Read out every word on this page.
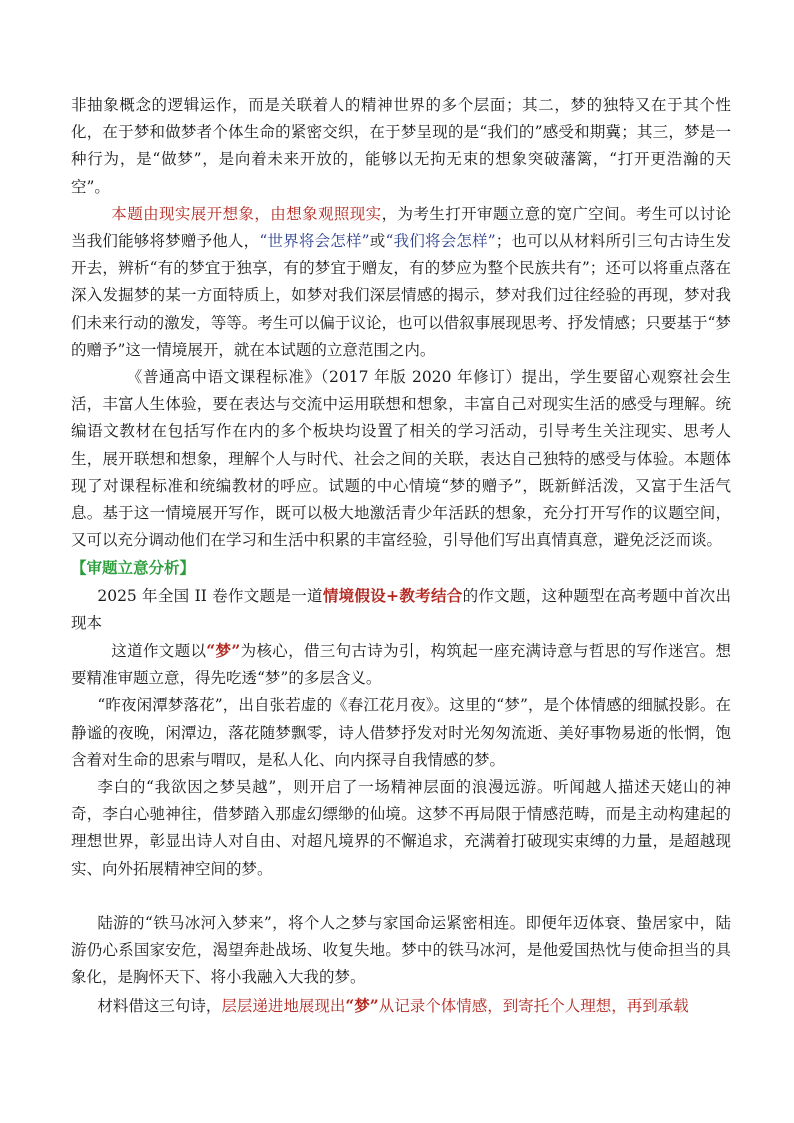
非抽象概念的逻辑运作，而是关联着人的精神世界的多个层面；其二，梦的独特又在于其个性化，在于梦和做梦者个体生命的紧密交织，在于梦呈现的是“我们的”感受和期冀；其三，梦是一种行为，是“做梦”，是向着未来开放的，能够以无拘无束的想象突破藩篱，“打开更浩瀚的天空”。

本题由现实展开想象，由想象观照现实，为考生打开审题立意的宽广空间。考生可以讨论当我们能够将梦赠予他人，“世界将会怎样”或“我们将会怎样”；也可以从材料所引三句古诗生发开去，辨析“有的梦宜于独享，有的梦宜于赠友，有的梦应为整个民族共有”；还可以将重点落在深入发掘梦的某一方面特质上，如梦对我们深层情感的揭示，梦对我们过往经验的再现，梦对我们未来行动的激发，等等。考生可以偏于议论，也可以借叙事展现思考、抒发情感；只要基于“梦的赠予”这一情境展开，就在本试题的立意范围之内。

《普通高中语文课程标准》（2017 年版 2020 年修订）提出，学生要留心观察社会生活，丰富人生体验，要在表达与交流中运用联想和想象，丰富自己对现实生活的感受与理解。统编语文教材在包括写作在内的多个板块均设置了相关的学习活动，引导考生关注现实、思考人生，展开联想和想象，理解个人与时代、社会之间的关联，表达自己独特的感受与体验。本题体现了对课程标准和统编教材的呼应。试题的中心情境“梦的赠予”，既新鲜活泼，又富于生活气息。基于这一情境展开写作，既可以极大地激活青少年活跃的想象，充分打开写作的议题空间，又可以充分调动他们在学习和生活中积累的丰富经验，引导他们写出真情真意，避免泛泛而谈。

【审题立意分析】

2025 年全国 II 卷作文题是一道情境假设+教考结合的作文题，这种题型在高考题中首次出现本

这道作文题以“梦”为核心，借三句古诗为引，构筑起一座充满诗意与哲思的写作迷宫。想要精准审题立意，得先吃透“梦”的多层含义。

“昨夜闲潭梦落花”，出自张若虚的《春江花月夜》。这里的“梦”，是个体情感的细腻投影。在静谧的夜晚，闲潭边，落花随梦飘零，诗人借梦抒发对时光匆匆流逝、美好事物易逝的怅惘，饱含着对生命的思索与喟叹，是私人化、向内探寻自我情感的梦。

李白的“我欲因之梦吴越”，则开启了一场精神层面的浪漫远游。听闻越人描述天姥山的神奇，李白心驰神往，借梦踏入那虚幻缥缈的仙境。这梦不再局限于情感范畴，而是主动构建起的理想世界，彰显出诗人对自由、对超凡境界的不懈追求，充满着打破现实束缚的力量，是超越现实、向外拓展精神空间的梦。

陆游的“铁马冰河入梦来”，将个人之梦与家国命运紧密相连。即便年迈体衰、蛰居家中，陆游仍心系国家安危，渴望奔赴战场、收复失地。梦中的铁马冰河，是他爱国热忱与使命担当的具象化，是胸怀天下、将小我融入大我的梦。

材料借这三句诗，层层递进地展现出“梦”从记录个体情感，到寄托个人理想，再到承载
